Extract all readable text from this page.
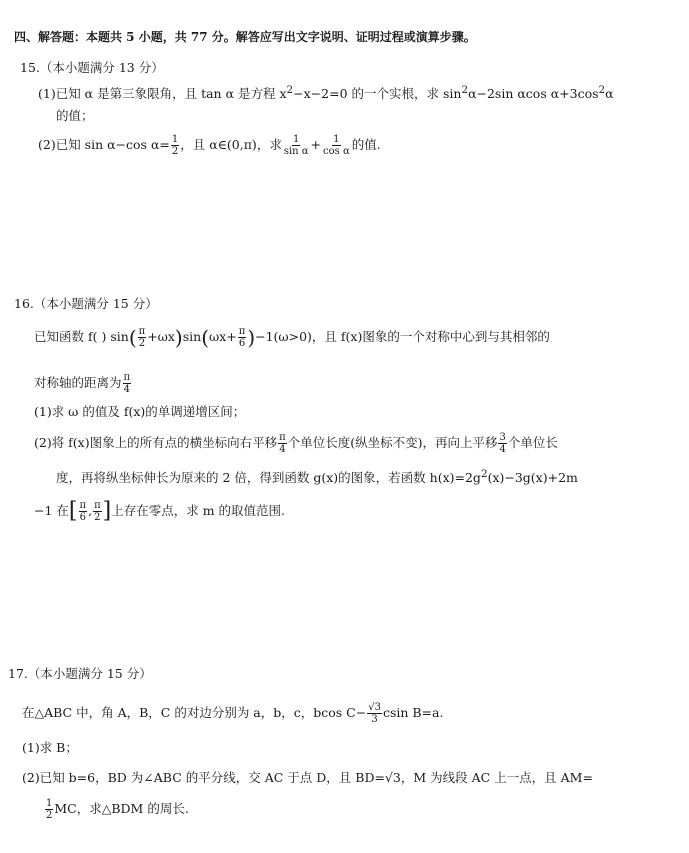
四、解答题：本题共 5 小题，共 77 分。解答应写出文字说明、证明过程或演算步骤。
15.（本小题满分 13 分）
(1)已知 α 是第三象限角，且 tan α 是方程 $x^2-x-2=0$ 的一个实根，求 $\sin^2\alpha-2\sin$ αcos $\alpha+3\cos^2\alpha$
的值；
(2)已知 sin α−cos $\alpha= \frac{1}{2}$ ，且 α∈(0,π)，求 $\frac{1}{\text{sin α}} + \frac{1}{\text{cos α}}$ 的值.
16.（本小题满分 15 分）
已知函数 f( ) $\sin( \frac{\pi}{2} +\omega x)\sin(\omega x+ \frac{\pi}{6} )-1(\omega>0)$，且 f(x)图象的一个对称中心到与其相邻的
对称轴的距离为 $\frac{\pi}{4}$
(1)求 ω 的值及 f(x)的单调递增区间；
(2)将 f(x)图象上的所有点的横坐标向右平移 $\frac{\pi}{4}$ 个单位长度(纵坐标不变)，再向上平移 $\frac{3}{4}$ 个单位长
度，再将纵坐标伸长为原来的 2 倍，得到函数 g(x)的图象，若函数 $h(x)=2g^2(x)-3g(x)+2m$
−1 在[ $\frac{\pi}{6}$ , $\frac{\pi}{2}$ ]上存在零点，求 m 的取值范围.
17.（本小题满分 15 分）
在△ABC 中，角 A，B，C 的对边分别为 a，b，c，bcos $C- \frac{√3}{3}$ csin B=a.
(1)求 B；
(2)已知 b=6，BD 为∠ABC 的平分线，交 AC 于点 D，且 BD=√3，M 为线段 AC 上一点，且 AM=
$\frac{1}{2}$ MC，求△BDM 的周长.
